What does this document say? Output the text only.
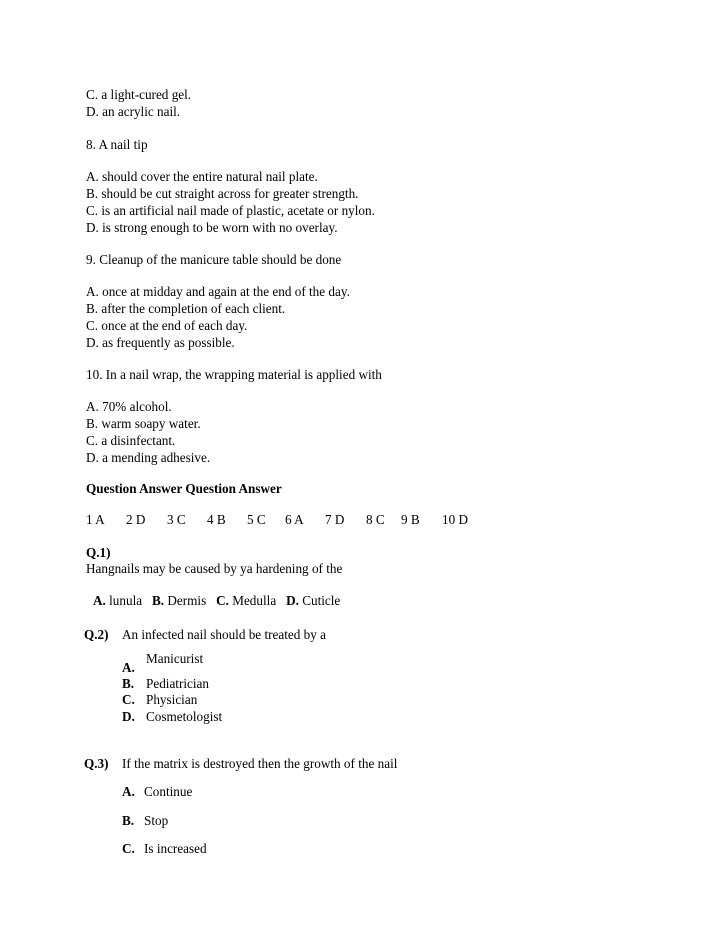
C. a light-cured gel.
D. an acrylic nail.
8. A nail tip
A. should cover the entire natural nail plate.
B. should be cut straight across for greater strength.
C. is an artificial nail made of plastic, acetate or nylon.
D. is strong enough to be worn with no overlay.
9. Cleanup of the manicure table should be done
A. once at midday and again at the end of the day.
B. after the completion of each client.
C. once at the end of each day.
D. as frequently as possible.
10. In a nail wrap, the wrapping material is applied with
A. 70% alcohol.
B. warm soapy water.
C. a disinfectant.
D. a mending adhesive.
Question Answer Question Answer
1 A 2 D 3 C 4 B 5 C 6 A 7 D 8 C 9 B 10 D
Q.1)
Hangnails may be caused by ya hardening of the
A. lunula B. Dermis C. Medulla D. Cuticle
Q.2) An infected nail should be treated by a
A.
Manicurist
B. Pediatrician
C. Physician
D. Cosmetologist
Q.3) If the matrix is destroyed then the growth of the nail
A. Continue
B. Stop
C. Is increased
